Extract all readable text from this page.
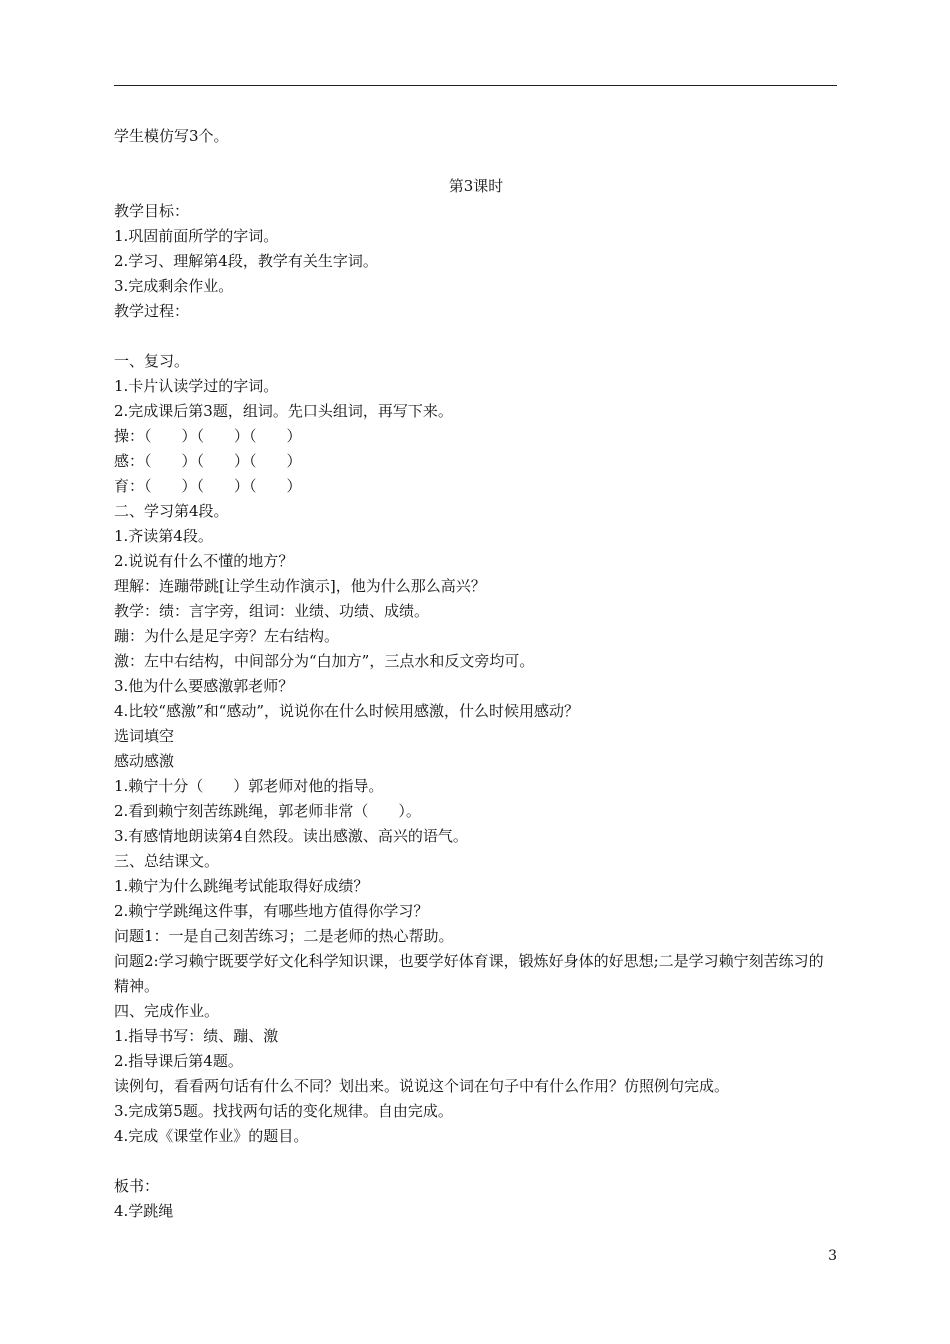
学生模仿写3个。
第3课时
教学目标：
1.巩固前面所学的字词。
2.学习、理解第4段，教学有关生字词。
3.完成剩余作业。
教学过程：
一、复习。
1.卡片认读学过的字词。
2.完成课后第3题，组词。先口头组词，再写下来。
操：（　　）（　　）（　　）
感：（　　）（　　）（　　）
育：（　　）（　　）（　　）
二、学习第4段。
1.齐读第4段。
2.说说有什么不懂的地方？
理解：连蹦带跳[让学生动作演示]，他为什么那么高兴？
教学：绩：言字旁，组词：业绩、功绩、成绩。
蹦：为什么是足字旁？左右结构。
激：左中右结构，中间部分为“白加方”，三点水和反文旁均可。
3.他为什么要感激郭老师？
4.比较“感激”和“感动”，说说你在什么时候用感激，什么时候用感动？
选词填空
感动感激
1.赖宁十分（　　）郭老师对他的指导。
2.看到赖宁刻苦练跳绳，郭老师非常（　　）。
3.有感情地朗读第4自然段。读出感激、高兴的语气。
三、总结课文。
1.赖宁为什么跳绳考试能取得好成绩？
2.赖宁学跳绳这件事，有哪些地方值得你学习？
问题1：一是自己刻苦练习；二是老师的热心帮助。
问题2:学习赖宁既要学好文化科学知识课，也要学好体育课，锻炼好身体的好思想;二是学习赖宁刻苦练习的精神。
四、完成作业。
1.指导书写：绩、蹦、激
2.指导课后第4题。
读例句，看看两句话有什么不同？划出来。说说这个词在句子中有什么作用？仿照例句完成。
3.完成第5题。找找两句话的变化规律。自由完成。
4.完成《课堂作业》的题目。
板书：
4.学跳绳
3
